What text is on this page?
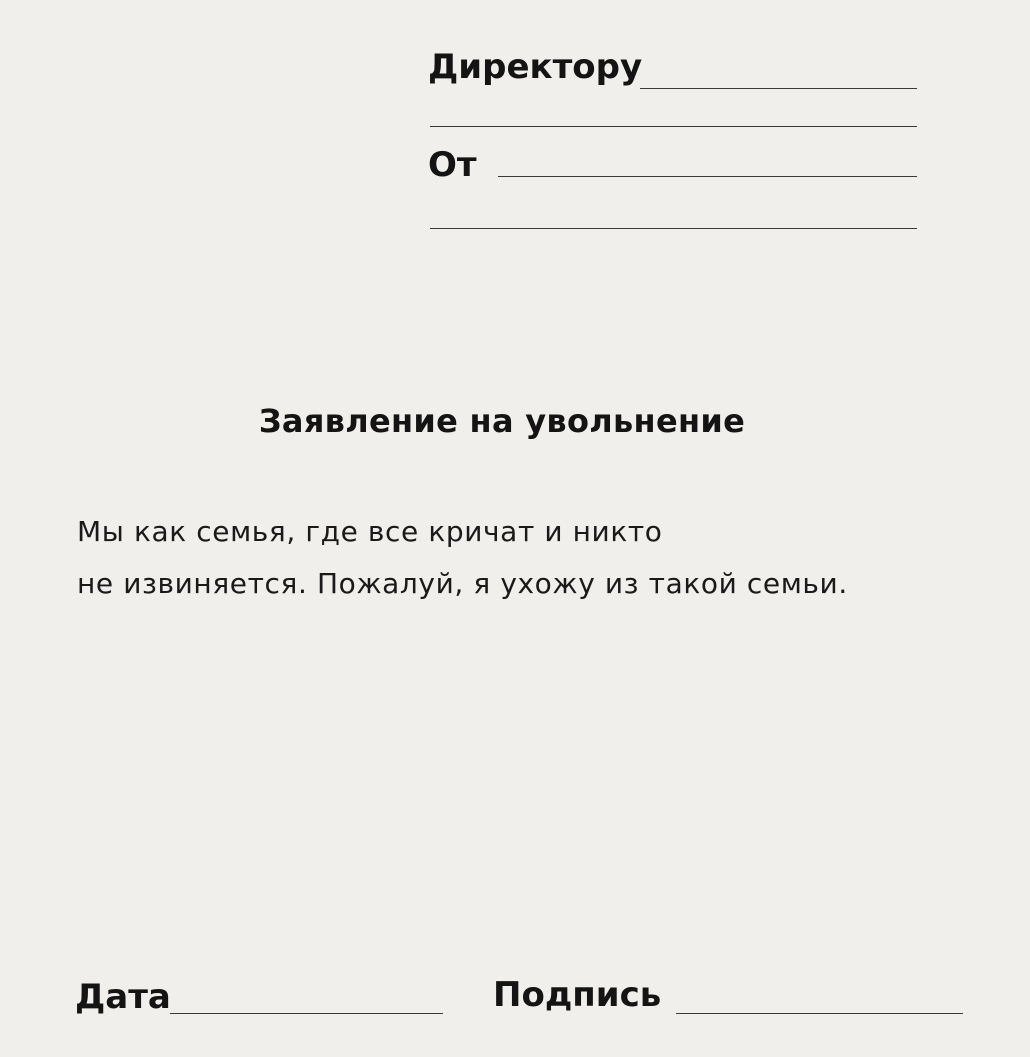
Директору
От
Заявление на увольнение
Мы как семья, где все кричат и никто
не извиняется. Пожалуй, я ухожу из такой семьи.
Дата	Подпись
